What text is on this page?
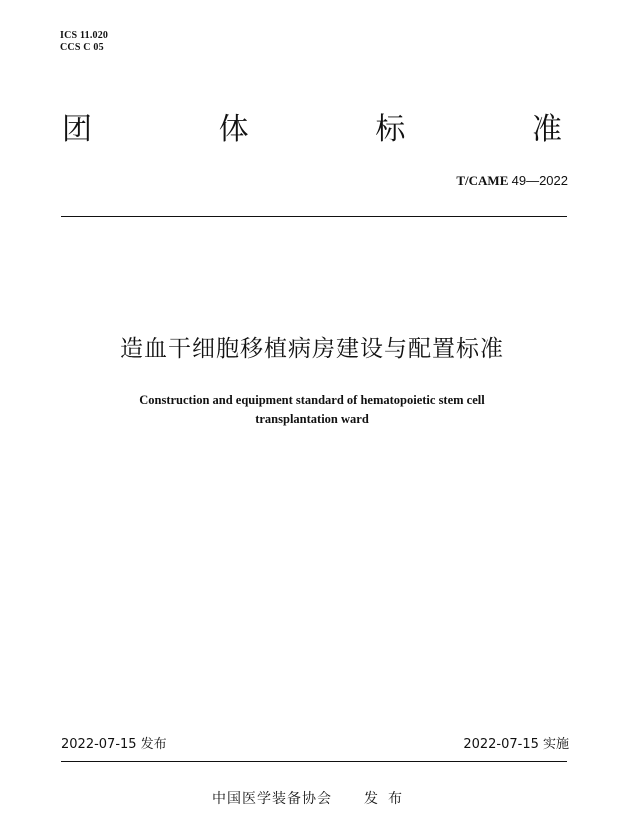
ICS 11.020
CCS C 05
团	体	标	准
T/CAME 49—2022
造血干细胞移植病房建设与配置标准
Construction and equipment standard of hematopoietic stem cell
transplantation ward
2022-07-15 发布	2022-07-15 实施
中国医学装备协会 发布
